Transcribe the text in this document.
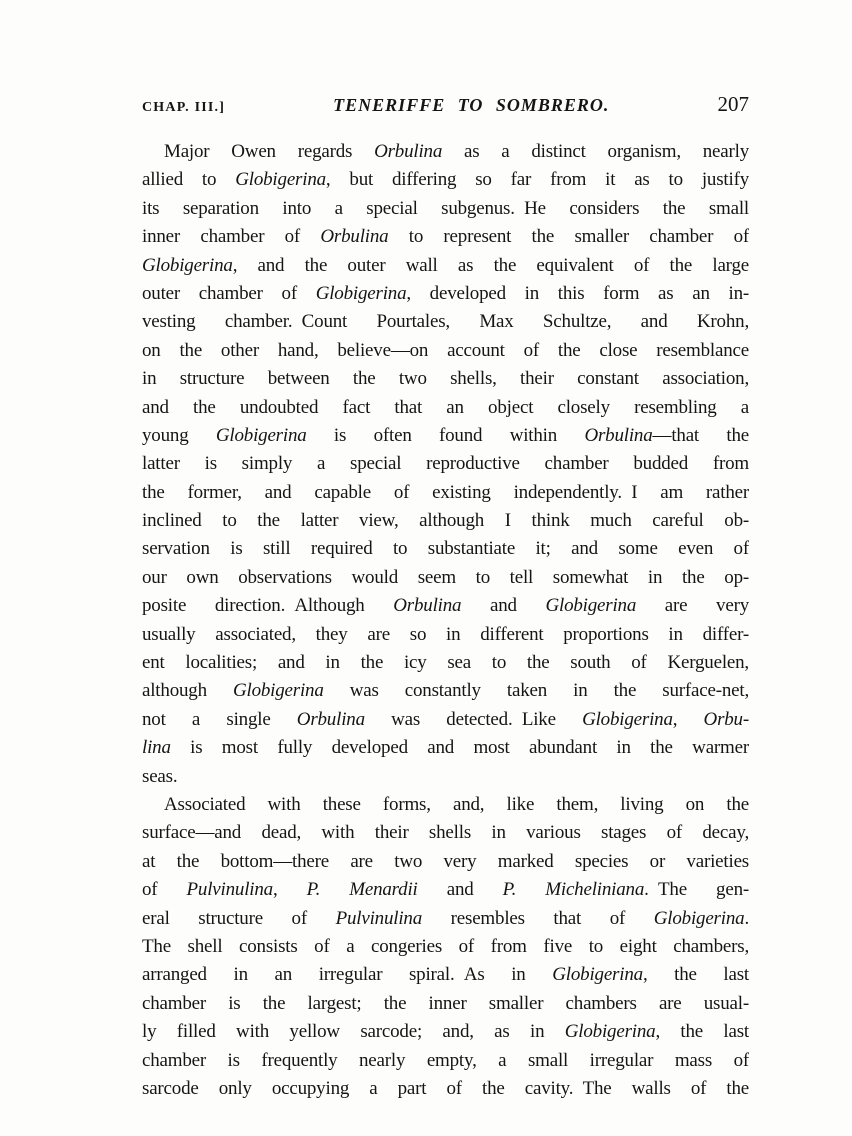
CHAP. III.]	TENERIFFE TO SOMBRERO.	207
Major Owen regards Orbulina as a distinct organism, nearly
allied to Globigerina, but differing so far from it as to justify
its separation into a special subgenus. He considers the small
inner chamber of Orbulina to represent the smaller chamber of
Globigerina, and the outer wall as the equivalent of the large
outer chamber of Globigerina, developed in this form as an in-
vesting chamber. Count Pourtales, Max Schultze, and Krohn,
on the other hand, believe—on account of the close resemblance
in structure between the two shells, their constant association,
and the undoubted fact that an object closely resembling a
young Globigerina is often found within Orbulina—that the
latter is simply a special reproductive chamber budded from
the former, and capable of existing independently. I am rather
inclined to the latter view, although I think much careful ob-
servation is still required to substantiate it; and some even of
our own observations would seem to tell somewhat in the op-
posite direction. Although Orbulina and Globigerina are very
usually associated, they are so in different proportions in differ-
ent localities; and in the icy sea to the south of Kerguelen,
although Globigerina was constantly taken in the surface-net,
not a single Orbulina was detected. Like Globigerina, Orbu-
lina is most fully developed and most abundant in the warmer
seas.
Associated with these forms, and, like them, living on the
surface—and dead, with their shells in various stages of decay,
at the bottom—there are two very marked species or varieties
of Pulvinulina, P. Menardii and P. Micheliniana. The gen-
eral structure of Pulvinulina resembles that of Globigerina.
The shell consists of a congeries of from five to eight chambers,
arranged in an irregular spiral. As in Globigerina, the last
chamber is the largest; the inner smaller chambers are usual-
ly filled with yellow sarcode; and, as in Globigerina, the last
chamber is frequently nearly empty, a small irregular mass of
sarcode only occupying a part of the cavity. The walls of the
